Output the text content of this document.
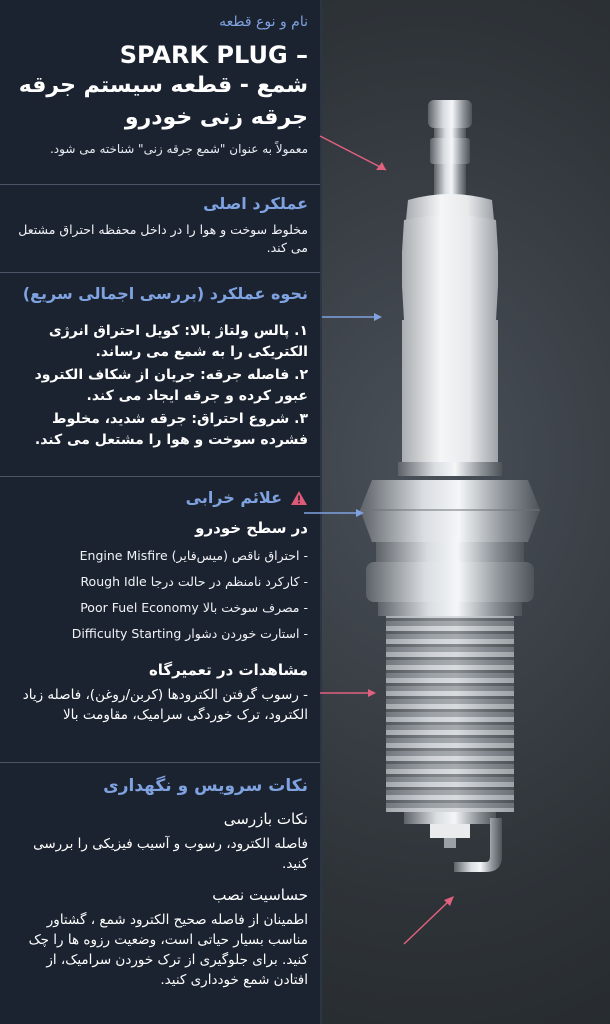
نام و نوع قطعه

SPARK PLUG –

شمع - قطعه سیستم جرقه

جرقه زنی خودرو

معمولاً به عنوان "شمع جرقه زنی" شناخته می شود.

عملکرد اصلی

مخلوط سوخت و هوا را در داخل محفظه احتراق مشتعل می کند.

نحوه عملکرد (بررسی اجمالی سریع)

۱. پالس ولتاژ بالا: کویل احتراق انرژی الکتریکی را به شمع می رساند.

۲. فاصله جرقه: جریان از شکاف الکترود عبور کرده و جرقه ایجاد می کند.

۳. شروع احتراق: جرقه شدید، مخلوط فشرده سوخت و هوا را مشتعل می کند.

علائم خرابی

در سطح خودرو

- احتراق ناقص (میس‌فایر) Engine Misfire

- کارکرد نامنظم در حالت درجا Rough Idle

- مصرف سوخت بالا Poor Fuel Economy

- استارت خوردن دشوار Difficulty Starting

مشاهدات در تعمیرگاه

- رسوب گرفتن الکترودها (کربن/روغن)، فاصله زیاد الکترود، ترک خوردگی سرامیک، مقاومت بالا

نکات سرویس و نگهداری

نکات بازرسی

فاصله الکترود، رسوب و آسیب فیزیکی را بررسی کنید.

حساسیت نصب

اطمینان از فاصله صحیح الکترود شمع ، گشتاور مناسب بسیار حیاتی است، وضعیت رزوه ها را چک کنید. برای جلوگیری از ترک خوردن سرامیک، از افتادن شمع خودداری کنید.
